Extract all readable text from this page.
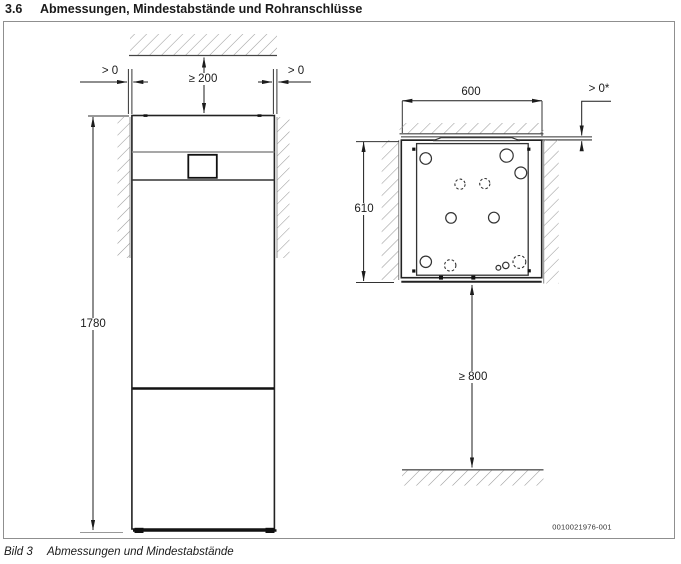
3.6 Abmessungen, Mindestabstände und Rohranschlüsse
≥ 200
> 0	> 0
1780
600	> 0*
610
≥ 800
0010021976-001
Bild 3 Abmessungen und Mindestabstände
